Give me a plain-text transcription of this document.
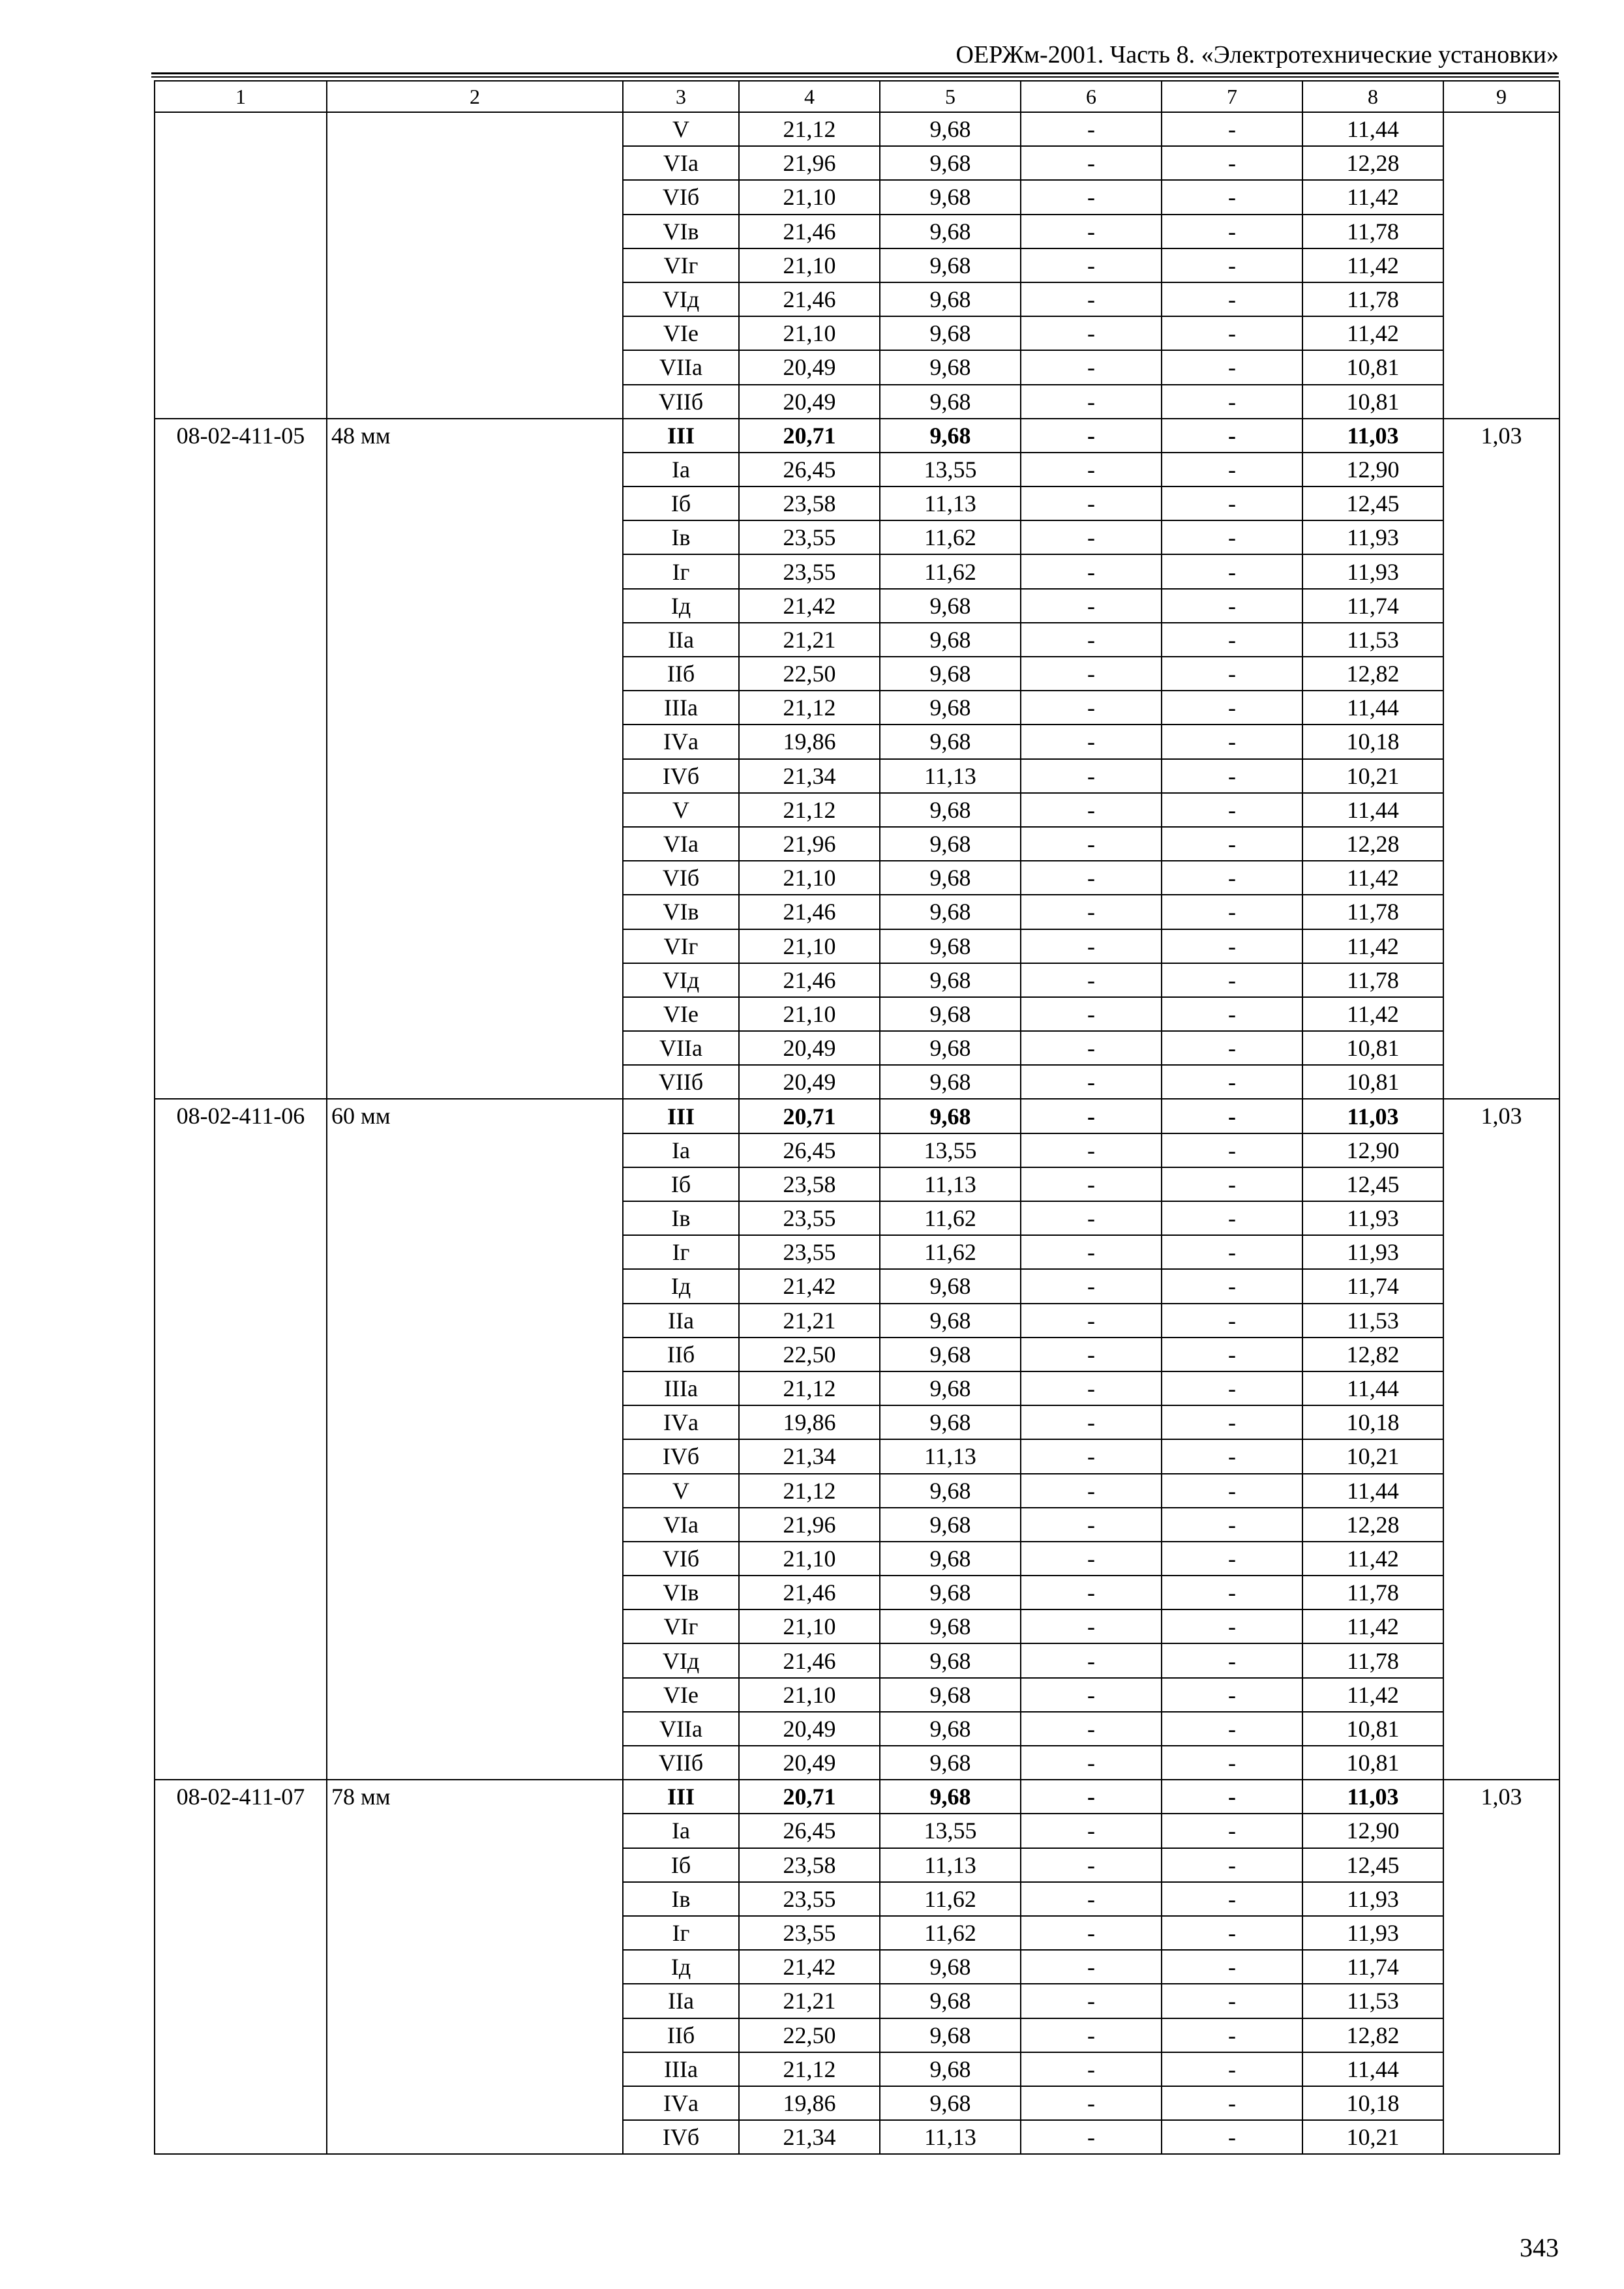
ОЕРЖм-2001. Часть 8. «Электротехнические установки»
1	2	3	4	5	6	7	8	9
		V	21,12	9,68	-	-	11,44	
		VIа	21,96	9,68	-	-	12,28	
		VIб	21,10	9,68	-	-	11,42	
		VIв	21,46	9,68	-	-	11,78	
		VIг	21,10	9,68	-	-	11,42	
		VIд	21,46	9,68	-	-	11,78	
		VIе	21,10	9,68	-	-	11,42	
		VIIа	20,49	9,68	-	-	10,81	
		VIIб	20,49	9,68	-	-	10,81	
08-02-411-05	48 мм	III	20,71	9,68	-	-	11,03	1,03
		Iа	26,45	13,55	-	-	12,90	
		Iб	23,58	11,13	-	-	12,45	
		Iв	23,55	11,62	-	-	11,93	
		Iг	23,55	11,62	-	-	11,93	
		Iд	21,42	9,68	-	-	11,74	
		IIа	21,21	9,68	-	-	11,53	
		IIб	22,50	9,68	-	-	12,82	
		IIIа	21,12	9,68	-	-	11,44	
		IVа	19,86	9,68	-	-	10,18	
		IVб	21,34	11,13	-	-	10,21	
		V	21,12	9,68	-	-	11,44	
		VIа	21,96	9,68	-	-	12,28	
		VIб	21,10	9,68	-	-	11,42	
		VIв	21,46	9,68	-	-	11,78	
		VIг	21,10	9,68	-	-	11,42	
		VIд	21,46	9,68	-	-	11,78	
		VIе	21,10	9,68	-	-	11,42	
		VIIа	20,49	9,68	-	-	10,81	
		VIIб	20,49	9,68	-	-	10,81	
08-02-411-06	60 мм	III	20,71	9,68	-	-	11,03	1,03
		Iа	26,45	13,55	-	-	12,90	
		Iб	23,58	11,13	-	-	12,45	
		Iв	23,55	11,62	-	-	11,93	
		Iг	23,55	11,62	-	-	11,93	
		Iд	21,42	9,68	-	-	11,74	
		IIа	21,21	9,68	-	-	11,53	
		IIб	22,50	9,68	-	-	12,82	
		IIIа	21,12	9,68	-	-	11,44	
		IVа	19,86	9,68	-	-	10,18	
		IVб	21,34	11,13	-	-	10,21	
		V	21,12	9,68	-	-	11,44	
		VIа	21,96	9,68	-	-	12,28	
		VIб	21,10	9,68	-	-	11,42	
		VIв	21,46	9,68	-	-	11,78	
		VIг	21,10	9,68	-	-	11,42	
		VIд	21,46	9,68	-	-	11,78	
		VIе	21,10	9,68	-	-	11,42	
		VIIа	20,49	9,68	-	-	10,81	
		VIIб	20,49	9,68	-	-	10,81	
08-02-411-07	78 мм	III	20,71	9,68	-	-	11,03	1,03
		Iа	26,45	13,55	-	-	12,90	
		Iб	23,58	11,13	-	-	12,45	
		Iв	23,55	11,62	-	-	11,93	
		Iг	23,55	11,62	-	-	11,93	
		Iд	21,42	9,68	-	-	11,74	
		IIа	21,21	9,68	-	-	11,53	
		IIб	22,50	9,68	-	-	12,82	
		IIIа	21,12	9,68	-	-	11,44	
		IVа	19,86	9,68	-	-	10,18	
		IVб	21,34	11,13	-	-	10,21	
343
